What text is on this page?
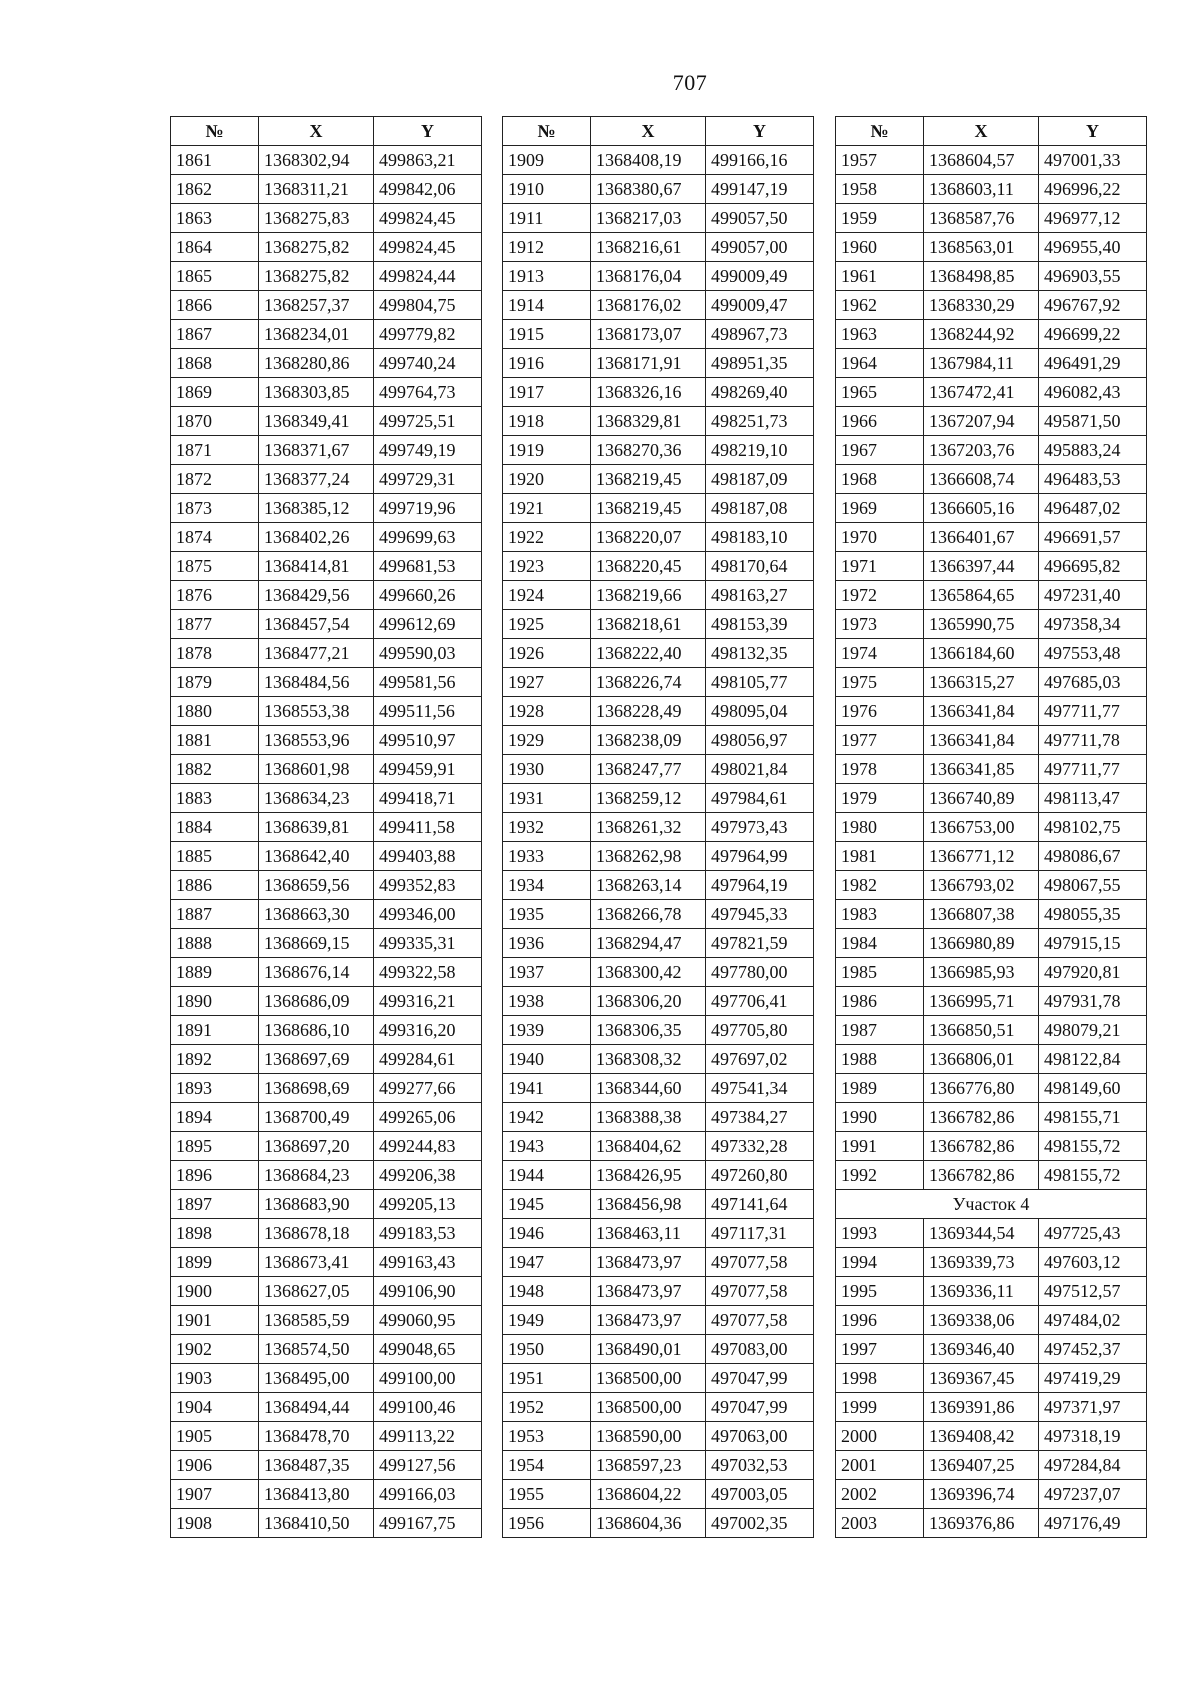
707
№	X	Y
1861	1368302,94	499863,21
1862	1368311,21	499842,06
1863	1368275,83	499824,45
1864	1368275,82	499824,45
1865	1368275,82	499824,44
1866	1368257,37	499804,75
1867	1368234,01	499779,82
1868	1368280,86	499740,24
1869	1368303,85	499764,73
1870	1368349,41	499725,51
1871	1368371,67	499749,19
1872	1368377,24	499729,31
1873	1368385,12	499719,96
1874	1368402,26	499699,63
1875	1368414,81	499681,53
1876	1368429,56	499660,26
1877	1368457,54	499612,69
1878	1368477,21	499590,03
1879	1368484,56	499581,56
1880	1368553,38	499511,56
1881	1368553,96	499510,97
1882	1368601,98	499459,91
1883	1368634,23	499418,71
1884	1368639,81	499411,58
1885	1368642,40	499403,88
1886	1368659,56	499352,83
1887	1368663,30	499346,00
1888	1368669,15	499335,31
1889	1368676,14	499322,58
1890	1368686,09	499316,21
1891	1368686,10	499316,20
1892	1368697,69	499284,61
1893	1368698,69	499277,66
1894	1368700,49	499265,06
1895	1368697,20	499244,83
1896	1368684,23	499206,38
1897	1368683,90	499205,13
1898	1368678,18	499183,53
1899	1368673,41	499163,43
1900	1368627,05	499106,90
1901	1368585,59	499060,95
1902	1368574,50	499048,65
1903	1368495,00	499100,00
1904	1368494,44	499100,46
1905	1368478,70	499113,22
1906	1368487,35	499127,56
1907	1368413,80	499166,03
1908	1368410,50	499167,75
№	X	Y
1909	1368408,19	499166,16
1910	1368380,67	499147,19
1911	1368217,03	499057,50
1912	1368216,61	499057,00
1913	1368176,04	499009,49
1914	1368176,02	499009,47
1915	1368173,07	498967,73
1916	1368171,91	498951,35
1917	1368326,16	498269,40
1918	1368329,81	498251,73
1919	1368270,36	498219,10
1920	1368219,45	498187,09
1921	1368219,45	498187,08
1922	1368220,07	498183,10
1923	1368220,45	498170,64
1924	1368219,66	498163,27
1925	1368218,61	498153,39
1926	1368222,40	498132,35
1927	1368226,74	498105,77
1928	1368228,49	498095,04
1929	1368238,09	498056,97
1930	1368247,77	498021,84
1931	1368259,12	497984,61
1932	1368261,32	497973,43
1933	1368262,98	497964,99
1934	1368263,14	497964,19
1935	1368266,78	497945,33
1936	1368294,47	497821,59
1937	1368300,42	497780,00
1938	1368306,20	497706,41
1939	1368306,35	497705,80
1940	1368308,32	497697,02
1941	1368344,60	497541,34
1942	1368388,38	497384,27
1943	1368404,62	497332,28
1944	1368426,95	497260,80
1945	1368456,98	497141,64
1946	1368463,11	497117,31
1947	1368473,97	497077,58
1948	1368473,97	497077,58
1949	1368473,97	497077,58
1950	1368490,01	497083,00
1951	1368500,00	497047,99
1952	1368500,00	497047,99
1953	1368590,00	497063,00
1954	1368597,23	497032,53
1955	1368604,22	497003,05
1956	1368604,36	497002,35
№	X	Y
1957	1368604,57	497001,33
1958	1368603,11	496996,22
1959	1368587,76	496977,12
1960	1368563,01	496955,40
1961	1368498,85	496903,55
1962	1368330,29	496767,92
1963	1368244,92	496699,22
1964	1367984,11	496491,29
1965	1367472,41	496082,43
1966	1367207,94	495871,50
1967	1367203,76	495883,24
1968	1366608,74	496483,53
1969	1366605,16	496487,02
1970	1366401,67	496691,57
1971	1366397,44	496695,82
1972	1365864,65	497231,40
1973	1365990,75	497358,34
1974	1366184,60	497553,48
1975	1366315,27	497685,03
1976	1366341,84	497711,77
1977	1366341,84	497711,78
1978	1366341,85	497711,77
1979	1366740,89	498113,47
1980	1366753,00	498102,75
1981	1366771,12	498086,67
1982	1366793,02	498067,55
1983	1366807,38	498055,35
1984	1366980,89	497915,15
1985	1366985,93	497920,81
1986	1366995,71	497931,78
1987	1366850,51	498079,21
1988	1366806,01	498122,84
1989	1366776,80	498149,60
1990	1366782,86	498155,71
1991	1366782,86	498155,72
1992	1366782,86	498155,72
Участок 4		
1993	1369344,54	497725,43
1994	1369339,73	497603,12
1995	1369336,11	497512,57
1996	1369338,06	497484,02
1997	1369346,40	497452,37
1998	1369367,45	497419,29
1999	1369391,86	497371,97
2000	1369408,42	497318,19
2001	1369407,25	497284,84
2002	1369396,74	497237,07
2003	1369376,86	497176,49
